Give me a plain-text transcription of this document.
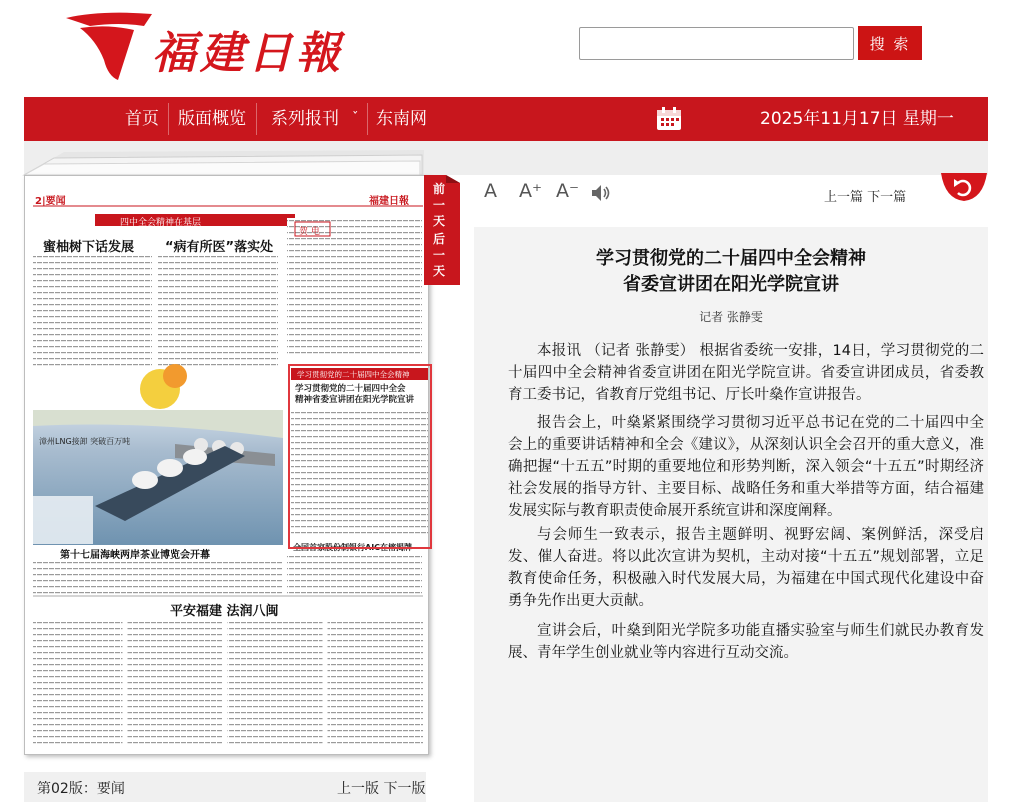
福建日報	搜 索
首页 版面概览 系列报刊 ˇ 东南网	2025年11月17日 星期一
2|要闻	福建日報
四中全会精神在基层
蜜柚树下话发展 “病有所医”落实处
贺 电
漳州LNG接卸 突破百万吨
第十七届海峡两岸茶业博览会开幕
平安福建 法润八闽
学习贯彻党的二十届四中全会精神
学习贯彻党的二十届四中全会
精神省委宣讲团在阳光学院宣讲
全国首家股份制银行AIC在榕揭牌
前
一
天
后
一
天
第02版：要闻	上一版 下一版
A A⁺ A⁻	上一篇 下一篇
学习贯彻党的二十届四中全会精神
省委宣讲团在阳光学院宣讲
记者 张静雯

本报讯 （记者 张静雯） 根据省委统一安排，14日，学习贯彻党的二十届四中全会精神省委宣讲团在阳光学院宣讲。省委宣讲团成员，省委教育工委书记，省教育厅党组书记、厅长叶燊作宣讲报告。

报告会上，叶燊紧紧围绕学习贯彻习近平总书记在党的二十届四中全会上的重要讲话精神和全会《建议》，从深刻认识全会召开的重大意义，准确把握“十五五”时期的重要地位和形势判断，深入领会“十五五”时期经济社会发展的指导方针、主要目标、战略任务和重大举措等方面，结合福建发展实际与教育职责使命展开系统宣讲和深度阐释。

与会师生一致表示，报告主题鲜明、视野宏阔、案例鲜活，深受启发、催人奋进。将以此次宣讲为契机，主动对接“十五五”规划部署，立足教育使命任务，积极融入时代发展大局，为福建在中国式现代化建设中奋勇争先作出更大贡献。

宣讲会后，叶燊到阳光学院多功能直播实验室与师生们就民办教育发展、青年学生创业就业等内容进行互动交流。
